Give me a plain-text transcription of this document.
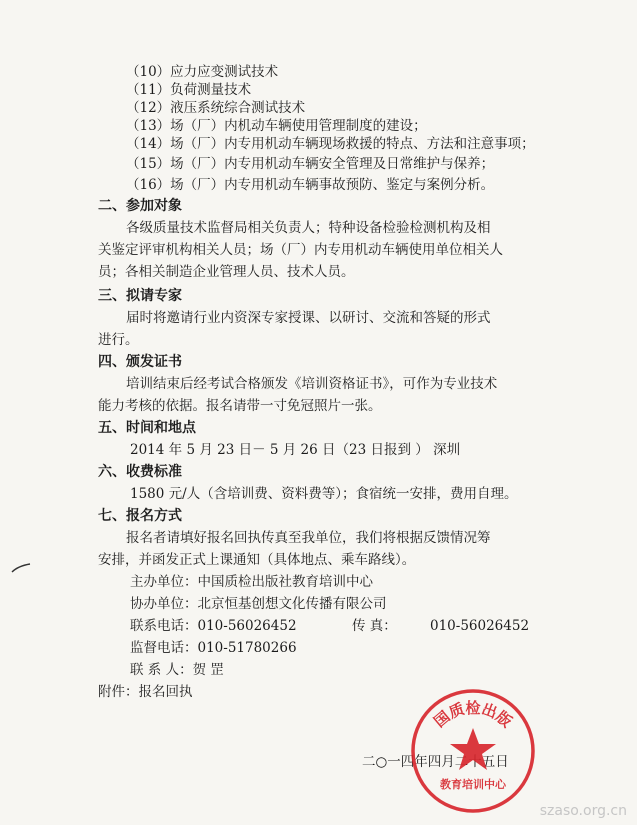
（10）应力应变测试技术
（11）负荷测量技术
（12）液压系统综合测试技术
（13）场（厂）内机动车辆使用管理制度的建设；
（14）场（厂）内专用机动车辆现场救援的特点、方法和注意事项；
（15）场（厂）内专用机动车辆安全管理及日常维护与保养；
（16）场（厂）内专用机动车辆事故预防、鉴定与案例分析。
二、参加对象
各级质量技术监督局相关负责人；特种设备检验检测机构及相
关鉴定评审机构相关人员；场（厂）内专用机动车辆使用单位相关人
员；各相关制造企业管理人员、技术人员。
三、拟请专家
届时将邀请行业内资深专家授课、以研讨、交流和答疑的形式
进行。
四、颁发证书
培训结束后经考试合格颁发《培训资格证书》，可作为专业技术
能力考核的依据。报名请带一寸免冠照片一张。
五、时间和地点
2014 年 5 月 23 日－ 5 月 26 日（23 日报到 ） 深圳
六、收费标准
1580 元/人（含培训费、资料费等）；食宿统一安排，费用自理。
七、报名方式
报名者请填好报名回执传真至我单位，我们将根据反馈情况筹
安排，并函发正式上课通知（具体地点、乘车路线）。
主办单位：中国质检出版社教育培训中心
协办单位：北京恒基创想文化传播有限公司
联系电话：010-56026452	传 真： 010-56026452
监督电话：010-51780266
联 系 人：贺 罡
附件：报名回执
二○一四年四月二十五日
国质检出版
教育培训中心
szaso.org.cn
